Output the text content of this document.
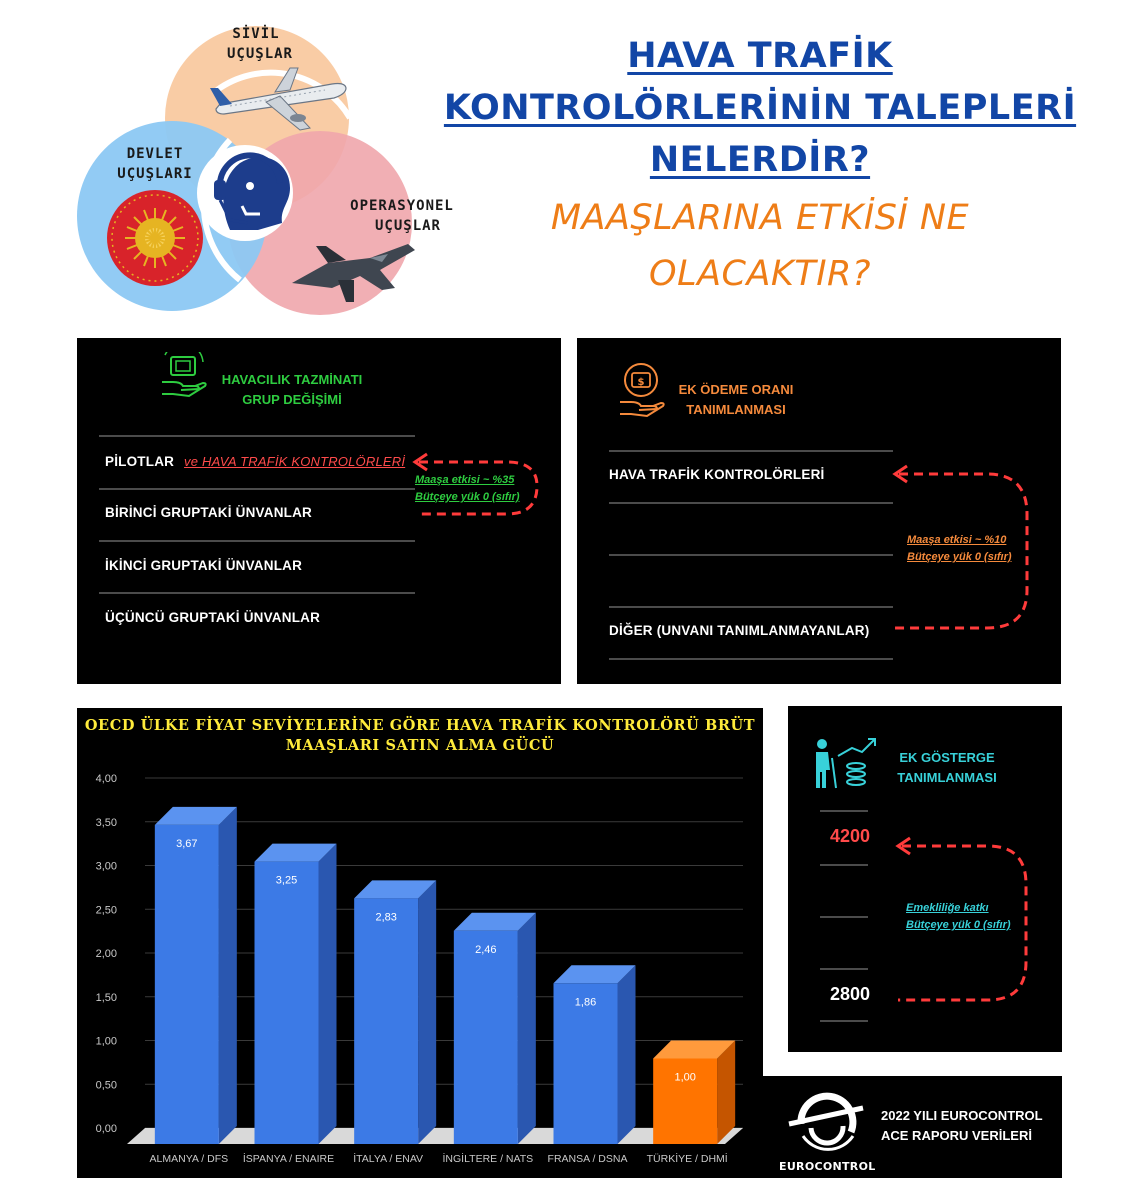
SİVİL
UÇUŞLAR
DEVLET
UÇUŞLARI
OPERASYONEL
UÇUŞLAR
HAVA TRAFİK
KONTROLÖRLERİNİN TALEPLERİ
NELERDİR?
MAAŞLARINA ETKİSİ NE
OLACAKTIR?
HAVACILIK TAZMİNATI
GRUP DEĞİŞİMİ
PİLOTLAR ve HAVA TRAFİK KONTROLÖRLERİ
BİRİNCİ GRUPTAKİ ÜNVANLAR
İKİNCİ GRUPTAKİ ÜNVANLAR
ÜÇÜNCÜ GRUPTAKİ ÜNVANLAR
Maaşa etkisi ~ %35
Bütçeye yük 0 (sıfır)
$	EK ÖDEME ORANI
TANIMLANMASI
HAVA TRAFİK KONTROLÖRLERİ
DİĞER (UNVANI TANIMLANMAYANLAR)
Maaşa etkisi ~ %10
Bütçeye yük 0 (sıfır)
OECD ÜLKE FİYAT SEVİYELERİNE GÖRE HAVA TRAFİK KONTROLÖRÜ BRÜT
MAAŞLARI SATIN ALMA GÜCÜ
0,00
0,50
1,00
1,50
2,00
2,50
3,00
3,50
4,00
3,67
ALMANYA / DFS
3,25
İSPANYA / ENAIRE
2,83
İTALYA / ENAV
2,46
İNGİLTERE / NATS
1,86
FRANSA / DSNA
1,00
TÜRKİYE / DHMİ
EK GÖSTERGE
TANIMLANMASI
4200
2800
Emekliliğe katkı
Bütçeye yük 0 (sıfır)
EUROCONTROL
2022 YILI EUROCONTROL
ACE RAPORU VERİLERİ
